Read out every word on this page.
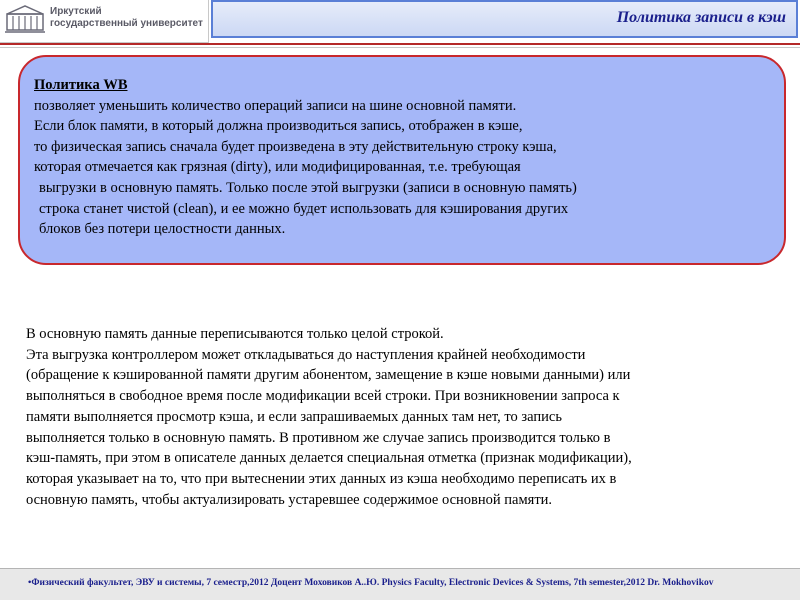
Иркутский
государственный университет	Политика записи в кэш
Политика WB
позволяет уменьшить количество операций записи на шине основной памяти.
Если блок памяти, в который должна производиться запись, отображен в кэше,
то физическая запись сначала будет произведена в эту действительную строку кэша,
которая отмечается как грязная (dirty), или модифицированная, т.е. требующая
выгрузки в основную память. Только после этой выгрузки (записи в основную память)
строка станет чистой (clean), и ее можно будет использовать для кэширования других
блоков без потери целостности данных.
В основную память данные переписываются только целой строкой.
Эта выгрузка контроллером может откладываться до наступления крайней необходимости
(обращение к кэшированной памяти другим абонентом, замещение в кэше новыми данными) или
выполняться в свободное время после модификации всей строки. При возникновении запроса к
памяти выполняется просмотр кэша, и если запрашиваемых данных там нет, то запись
выполняется только в основную память. В противном же случае запись производится только в
кэш-память, при этом в описателе данных делается специальная отметка (признак модификации),
которая указывает на то, что при вытеснении этих данных из кэша необходимо переписать их в
основную память, чтобы актуализировать устаревшее содержимое основной памяти.
•Физический факультет, ЭВУ и системы, 7 семестр,2012 Доцент Моховиков А..Ю. Physics Faculty, Electronic Devices & Systems, 7th semester,2012 Dr. Mokhovikov
